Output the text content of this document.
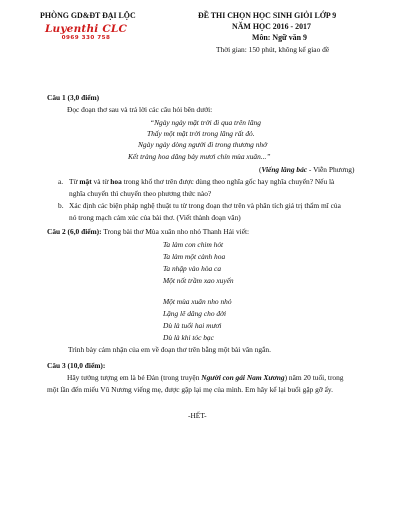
PHÒNG GD&ĐT ĐẠI LỘC
Luyenthi CLC
0969 330 758
ĐỀ THI CHỌN HỌC SINH GIỎI LỚP 9
NĂM HỌC 2016 - 2017
Môn: Ngữ văn 9
Thời gian: 150 phút, không kể giao đề
Câu 1 (3,0 điểm)
Đọc đoạn thơ sau và trả lời các câu hỏi bên dưới:
“Ngày ngày mặt trời đi qua trên lăng
Thấy một mặt trời trong lăng rất đỏ.
Ngày ngày dòng người đi trong thương nhớ
Kết tràng hoa dâng bảy mươi chín mùa xuân...”
(Viếng lăng bác - Viễn Phương)
a. Từ mặt và từ hoa trong khổ thơ trên được dùng theo nghĩa gốc hay nghĩa chuyển? Nếu là
nghĩa chuyển thì chuyển theo phương thức nào?
b. Xác định các biện pháp nghệ thuật tu từ trong đoạn thơ trên và phân tích giá trị thẩm mĩ của
nó trong mạch cảm xúc của bài thơ. (Viết thành đoạn văn)
Câu 2 (6,0 điểm): Trong bài thơ Mùa xuân nho nhỏ Thanh Hải viết:
Ta làm con chim hót
Ta làm một cành hoa
Ta nhập vào hòa ca
Một nốt trầm xao xuyến
Một mùa xuân nho nhỏ
Lặng lẽ dâng cho đời
Dù là tuổi hai mươi
Dù là khi tóc bạc
Trình bày cảm nhận của em về đoạn thơ trên bằng một bài văn ngắn.
Câu 3 (10,0 điểm):
Hãy tưởng tượng em là bé Đản (trong truyện Người con gái Nam Xương) năm 20 tuổi, trong
một lần đến miếu Vũ Nương viếng mẹ, được gặp lại mẹ của mình. Em hãy kể lại buổi gặp gỡ ấy.
-HẾT-
